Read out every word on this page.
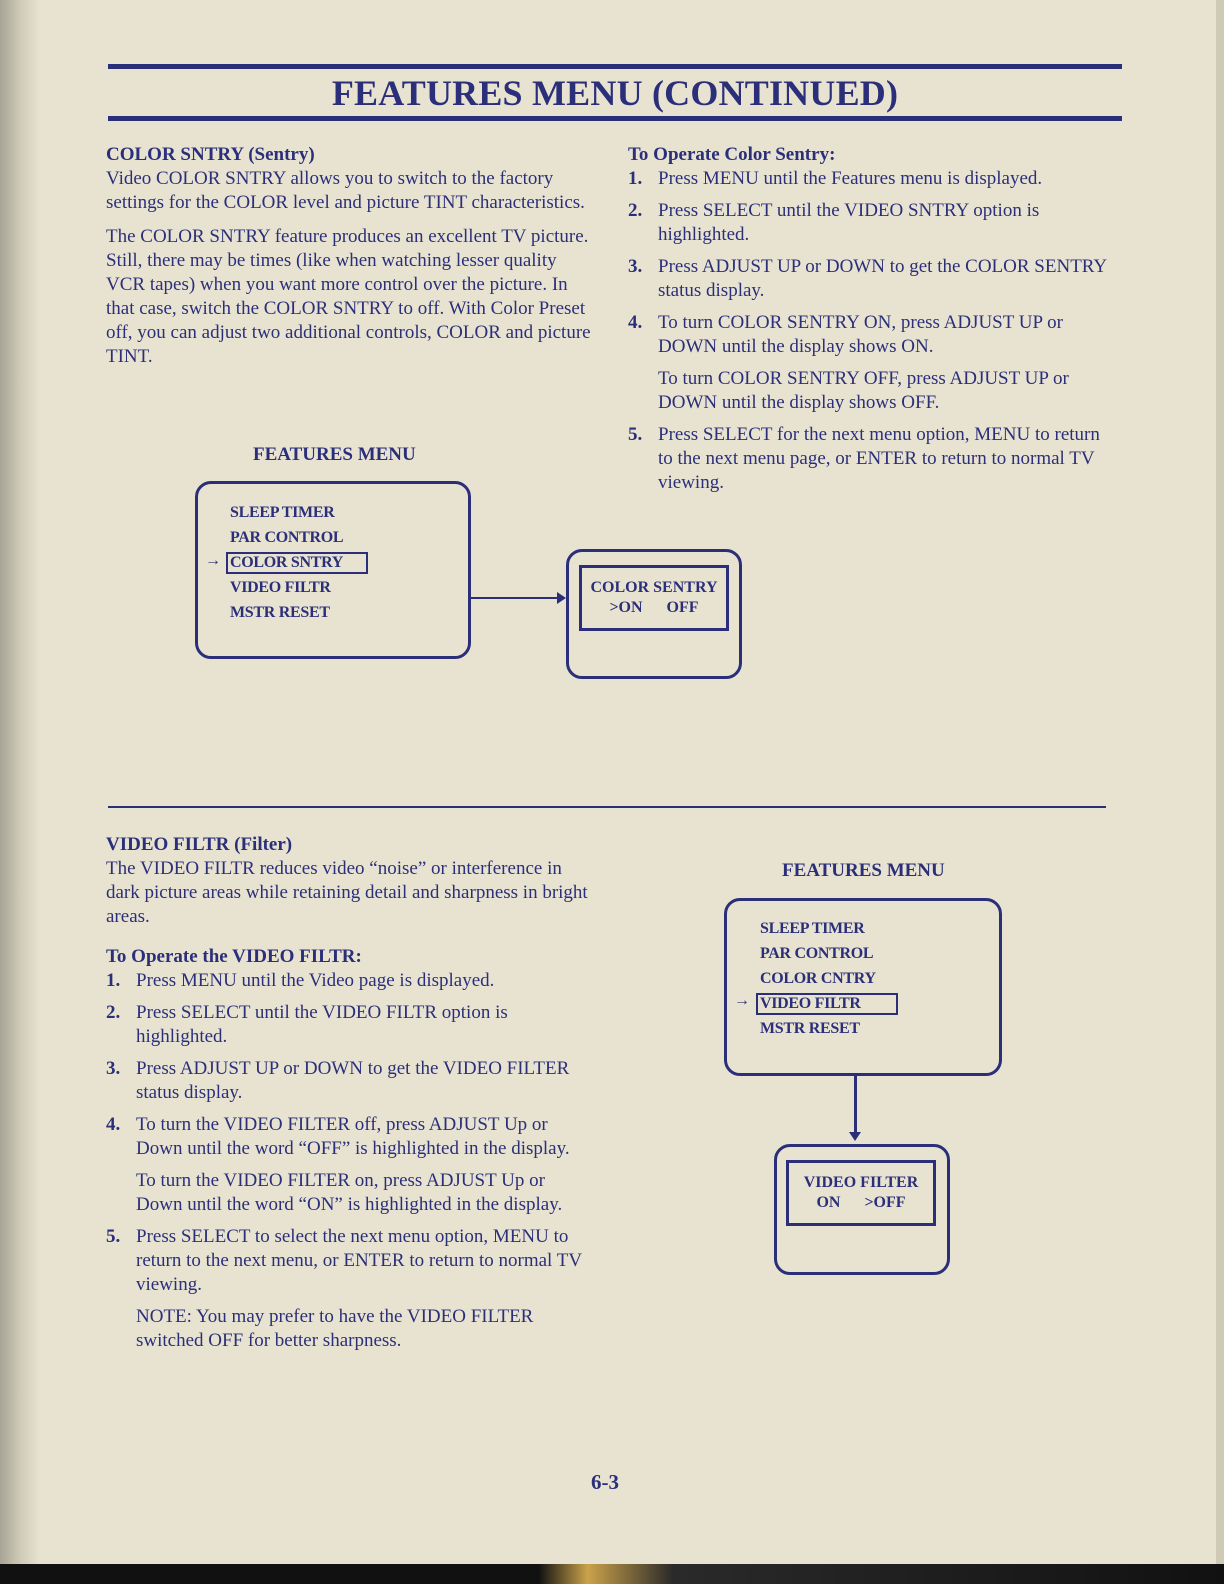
FEATURES MENU (CONTINUED)
COLOR SNTRY (Sentry)

Video COLOR SNTRY allows you to switch to the factory settings for the COLOR level and picture TINT characteristics.

The COLOR SNTRY feature produces an excellent TV picture. Still, there may be times (like when watching lesser quality VCR tapes) when you want more control over the picture. In that case, switch the COLOR SNTRY to off. With Color Preset off, you can adjust two additional controls, COLOR and picture TINT.

To Operate Color Sentry:
1. Press MENU until the Features menu is displayed.
2. Press SELECT until the VIDEO SNTRY option is highlighted.
3. Press ADJUST UP or DOWN to get the COLOR SENTRY status display.
4. To turn COLOR SENTRY ON, press ADJUST UP or DOWN until the display shows ON.
To turn COLOR SENTRY OFF, press ADJUST UP or DOWN until the display shows OFF.
5. Press SELECT for the next menu option, MENU to return to the next menu page, or ENTER to return to normal TV viewing.
FEATURES MENU
→
SLEEP TIMER
PAR CONTROL
COLOR SNTRY
VIDEO FILTR
MSTR RESET
COLOR SENTRY
>ON      OFF
VIDEO FILTR (Filter)

The VIDEO FILTR reduces video “noise” or interference in dark picture areas while retaining detail and sharpness in bright areas.

To Operate the VIDEO FILTR:
1. Press MENU until the Video page is displayed.
2. Press SELECT until the VIDEO FILTR option is highlighted.
3. Press ADJUST UP or DOWN to get the VIDEO FILTER status display.
4. To turn the VIDEO FILTER off, press ADJUST Up or Down until the word “OFF” is highlighted in the display.
To turn the VIDEO FILTER on, press ADJUST Up or Down until the word “ON” is highlighted in the display.
5. Press SELECT to select the next menu option, MENU to return to the next menu, or ENTER to return to normal TV viewing.
NOTE: You may prefer to have the VIDEO FILTER switched OFF for better sharpness.
FEATURES MENU
→
SLEEP TIMER
PAR CONTROL
COLOR CNTRY
VIDEO FILTR
MSTR RESET
VIDEO FILTER
ON      >OFF
6-3
